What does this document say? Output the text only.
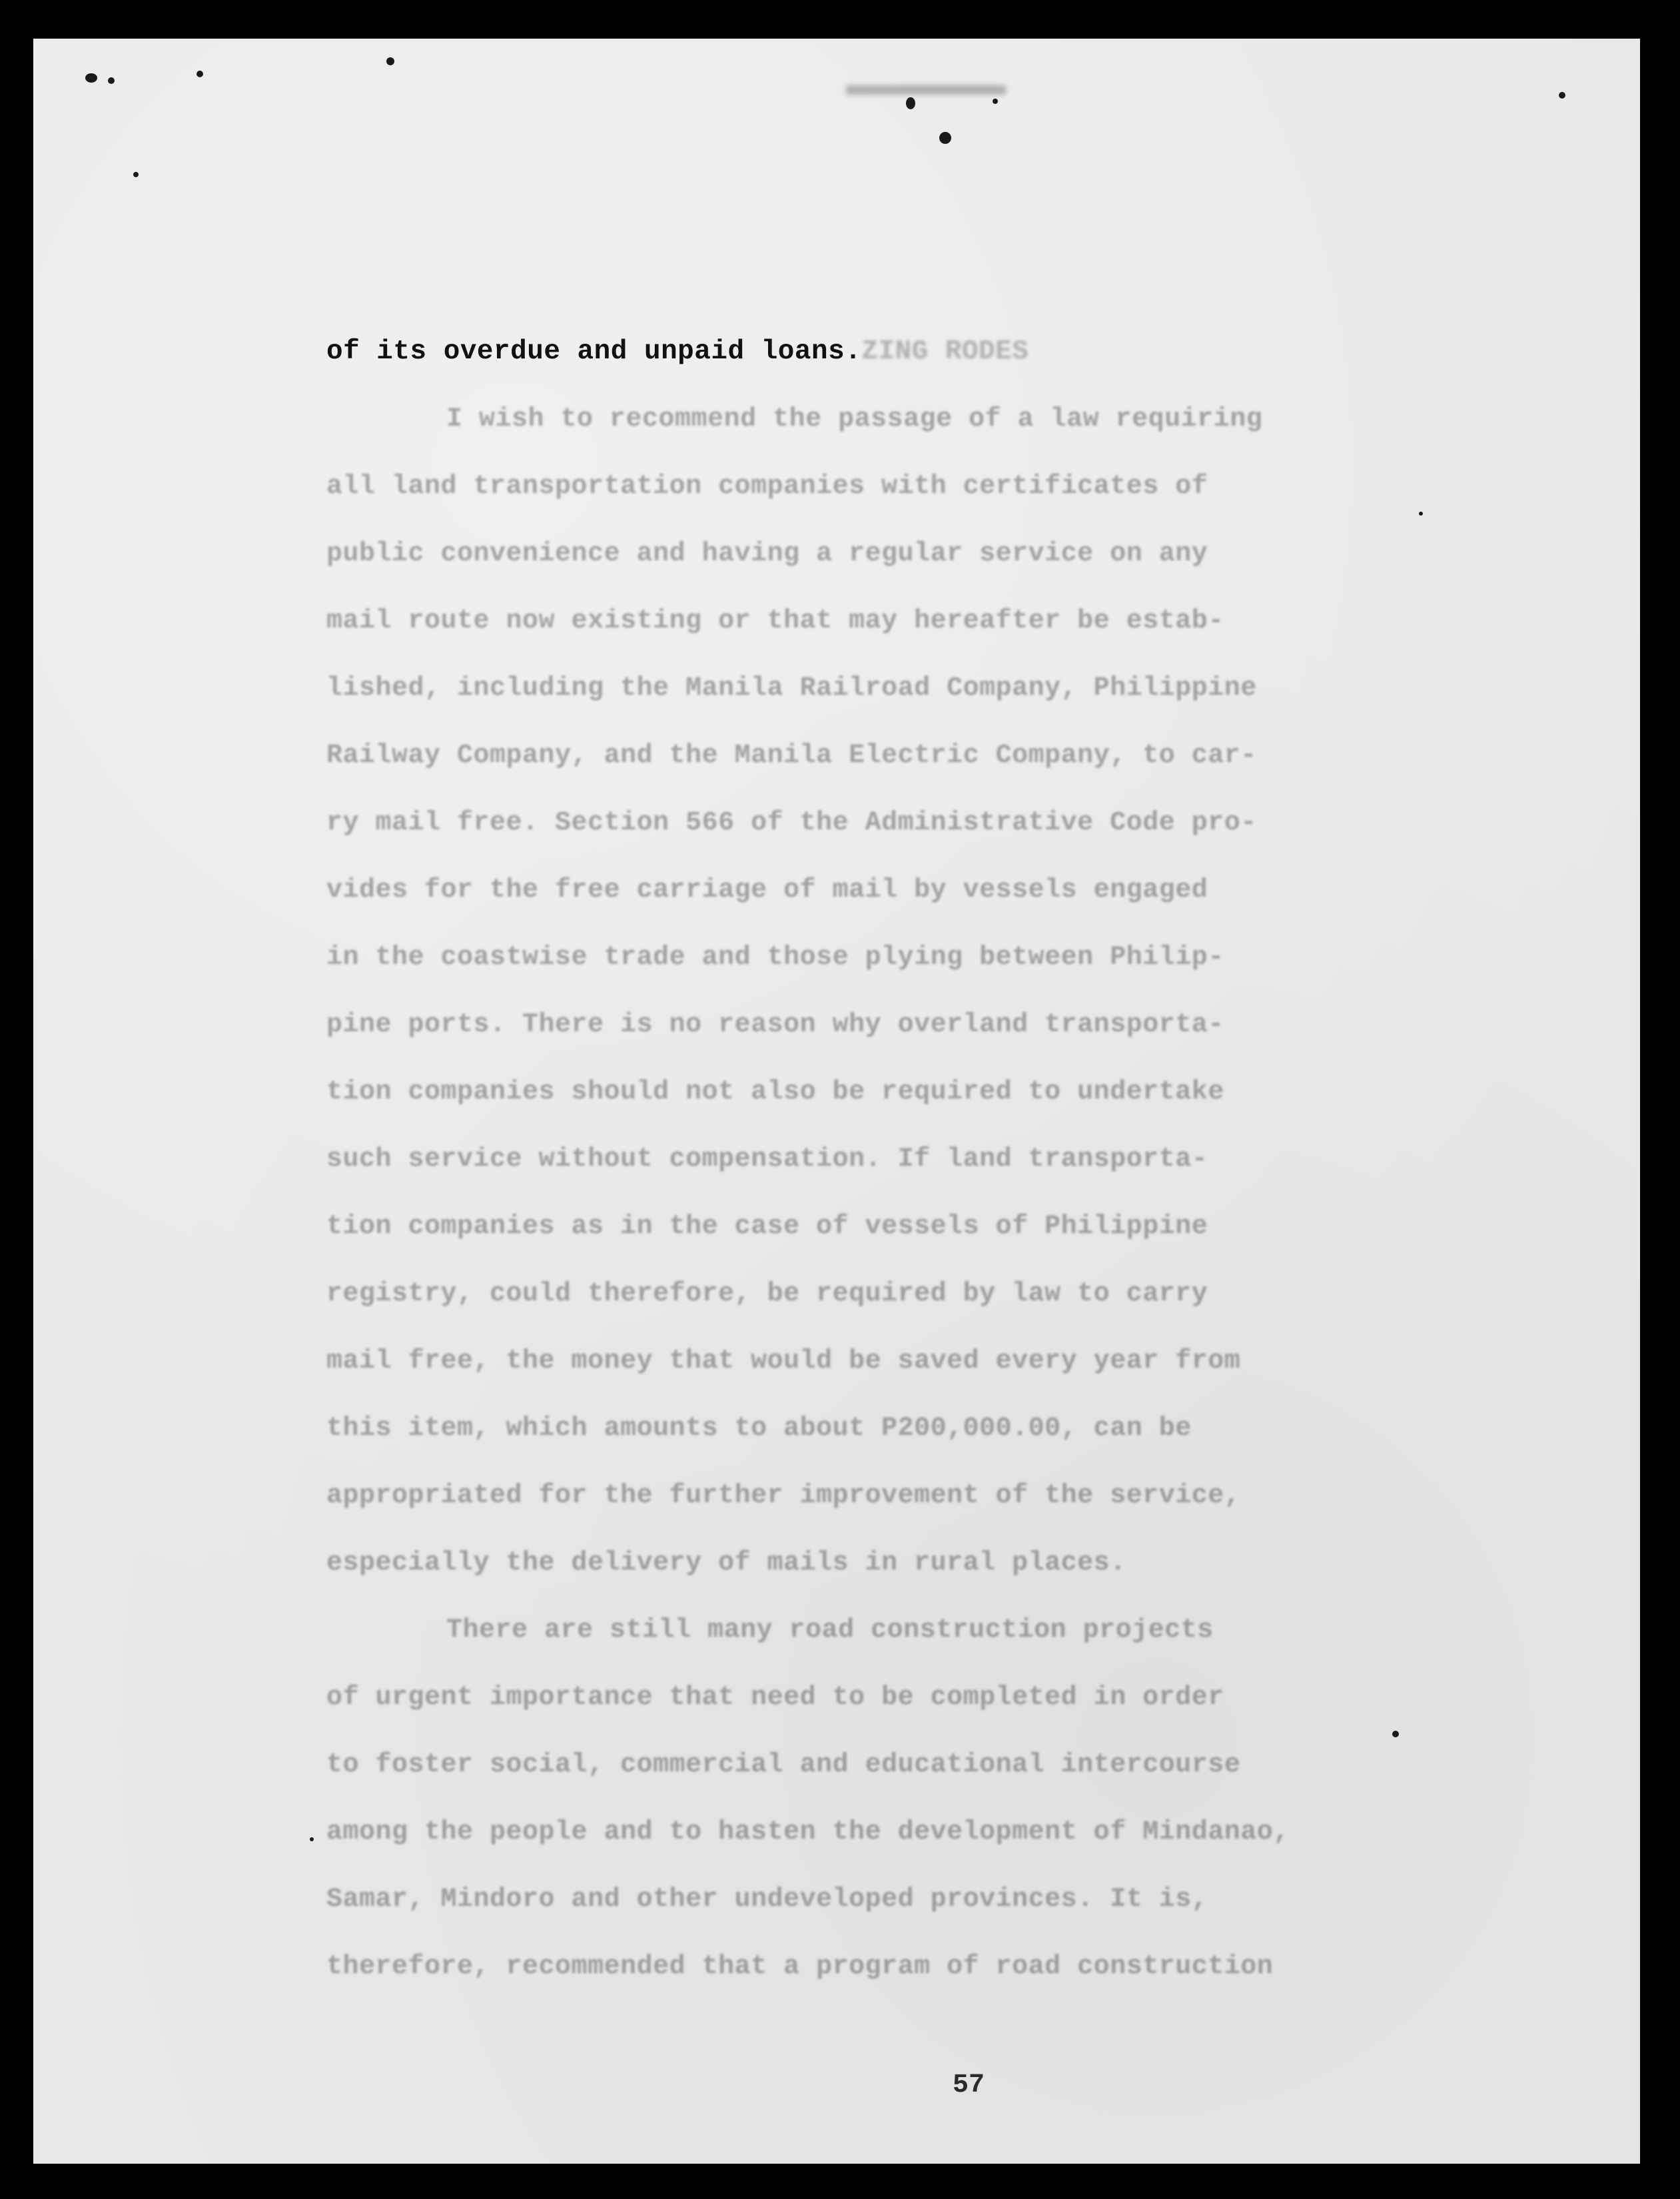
of its overdue and unpaid loans.ZING RODES
I wish to recommend the passage of a law requiring
all land transportation companies with certificates of
public convenience and having a regular service on any
mail route now existing or that may hereafter be estab-
lished, including the Manila Railroad Company, Philippine
Railway Company, and the Manila Electric Company, to car-
ry mail free. Section 566 of the Administrative Code pro-
vides for the free carriage of mail by vessels engaged
in the coastwise trade and those plying between Philip-
pine ports. There is no reason why overland transporta-
tion companies should not also be required to undertake
such service without compensation. If land transporta-
tion companies as in the case of vessels of Philippine
registry, could therefore, be required by law to carry
mail free, the money that would be saved every year from
this item, which amounts to about P200,000.00, can be
appropriated for the further improvement of the service,
especially the delivery of mails in rural places.
There are still many road construction projects
of urgent importance that need to be completed in order
to foster social, commercial and educational intercourse
among the people and to hasten the development of Mindanao,
Samar, Mindoro and other undeveloped provinces. It is,
therefore, recommended that a program of road construction
57
